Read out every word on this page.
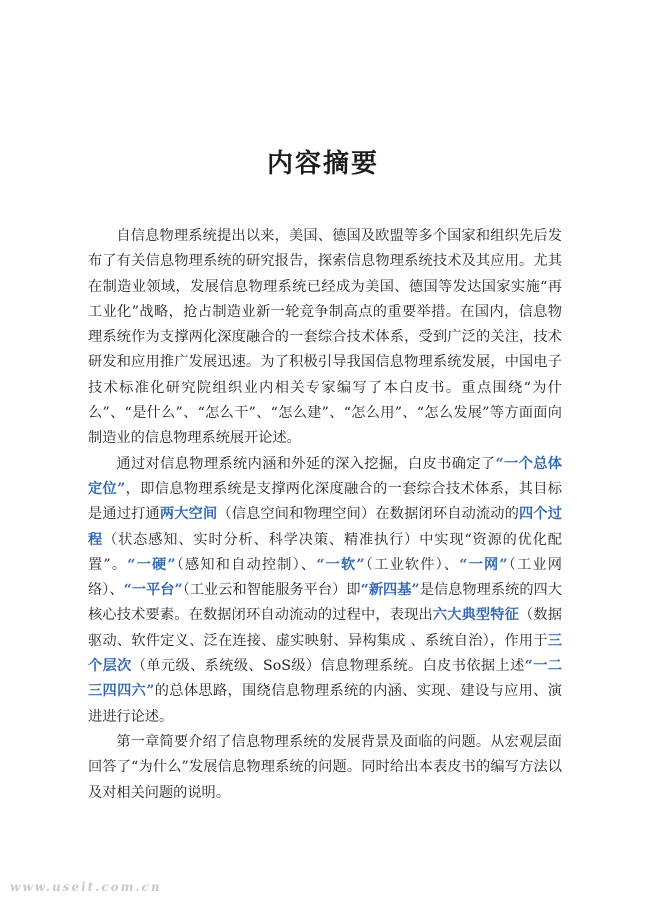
内容摘要

自信息物理系统提出以来，美国、德国及欧盟等多个国家和组织先后发布了有关信息物理系统的研究报告，探索信息物理系统技术及其应用。尤其在制造业领域，发展信息物理系统已经成为美国、德国等发达国家实施“再工业化”战略，抢占制造业新一轮竞争制高点的重要举措。在国内，信息物理系统作为支撑两化深度融合的一套综合技术体系，受到广泛的关注，技术研发和应用推广发展迅速。为了积极引导我国信息物理系统发展，中国电子技术标准化研究院组织业内相关专家编写了本白皮书。重点围绕“为什么”、“是什么”、“怎么干”、“怎么建”、“怎么用”、“怎么发展”等方面面向制造业的信息物理系统展开论述。

通过对信息物理系统内涵和外延的深入挖掘，白皮书确定了“一个总体定位”，即信息物理系统是支撑两化深度融合的一套综合技术体系，其目标是通过打通两大空间（信息空间和物理空间）在数据闭环自动流动的四个过程（状态感知、实时分析、科学决策、精准执行）中实现“资源的优化配置”。“一硬”（感知和自动控制）、“一软”（工业软件）、“一网”（工业网络）、“一平台”（工业云和智能服务平台）即“新四基”是信息物理系统的四大核心技术要素。在数据闭环自动流动的过程中，表现出六大典型特征（数据驱动、软件定义、泛在连接、虚实映射、异构集成 、系统自治），作用于三个层次（单元级、系统级、SoS级）信息物理系统。白皮书依据上述“一二三四四六”的总体思路，围绕信息物理系统的内涵、实现、建设与应用、演进进行论述。

第一章简要介绍了信息物理系统的发展背景及面临的问题。从宏观层面回答了“为什么”发展信息物理系统的问题。同时给出本表皮书的编写方法以及对相关问题的说明。

www.useit.com.cn
